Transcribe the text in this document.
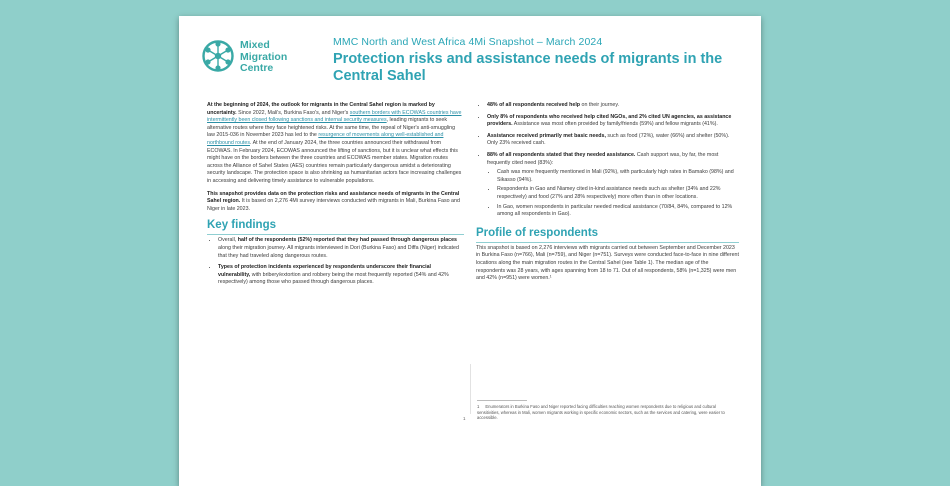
Mixed
Migration
Centre
MMC North and West Africa 4Mi Snapshot – March 2024
Protection risks and assistance needs of migrants in the Central Sahel

At the beginning of 2024, the outlook for migrants in the Central Sahel region is marked by uncertainty. Since 2022, Mali's, Burkina Faso's, and Niger's southern borders with ECOWAS countries have intermittently been closed following sanctions and internal security measures, leading migrants to seek alternative routes where they face heightened risks. At the same time, the repeal of Niger's anti-smuggling law 2015-036 in November 2023 has led to the resurgence of movements along well-established and northbound routes. At the end of January 2024, the three countries announced their withdrawal from ECOWAS. In February 2024, ECOWAS announced the lifting of sanctions, but it is unclear what effects this might have on the borders between the three countries and ECOWAS member states. Migration routes across the Alliance of Sahel States (AES) countries remain particularly dangerous amidst a deteriorating security landscape. The protection space is also shrinking as humanitarian actors face increasing challenges in accessing and delivering timely assistance to vulnerable populations.

This snapshot provides data on the protection risks and assistance needs of migrants in the Central Sahel region. It is based on 2,276 4Mi survey interviews conducted with migrants in Mali, Burkina Faso and Niger in late 2023.

Key findings
• Overall, half of the respondents (52%) reported that they had passed through dangerous places along their migration journey. All migrants interviewed in Dori (Burkina Faso) and Diffa (Niger) indicated that they had traveled along dangerous routes.
• Types of protection incidents experienced by respondents underscore their financial vulnerability, with bribery/extortion and robbery being the most frequently reported (54% and 42% respectively) among those who passed through dangerous places.
• 48% of all respondents received help on their journey.
• Only 8% of respondents who received help cited NGOs, and 2% cited UN agencies, as assistance providers. Assistance was most often provided by family/friends (59%) and fellow migrants (41%).
• Assistance received primarily met basic needs, such as food (72%), water (66%) and shelter (50%). Only 23% received cash.
• 88% of all respondents stated that they needed assistance. Cash support was, by far, the most frequently cited need (83%):
• Cash was more frequently mentioned in Mali (92%), with particularly high rates in Bamako (98%) and Sikasso (94%).
• Respondents in Gao and Niamey cited in-kind assistance needs such as shelter (34% and 22% respectively) and food (27% and 28% respectively) more often than in other locations.
• In Gao, women respondents in particular needed medical assistance (70/84, 84%, compared to 12% among all respondents in Gao).
Profile of respondents

This snapshot is based on 2,276 interviews with migrants carried out between September and December 2023 in Burkina Faso (n=766), Mali (n=759), and Niger (n=751). Surveys were conducted face-to-face in nine different locations along the main migration routes in the Central Sahel (see Table 1). The median age of the respondents was 28 years, with ages spanning from 18 to 71. Out of all respondents, 58% (n=1,325) were men and 42% (n=951) were women.¹

1 Enumerators in Burkina Faso and Niger reported facing difficulties reaching women respondents due to religious and cultural sensitivities, whereas in Mali, women migrants working in specific economic sectors, such as the services and catering, were easier to accessible.
1
